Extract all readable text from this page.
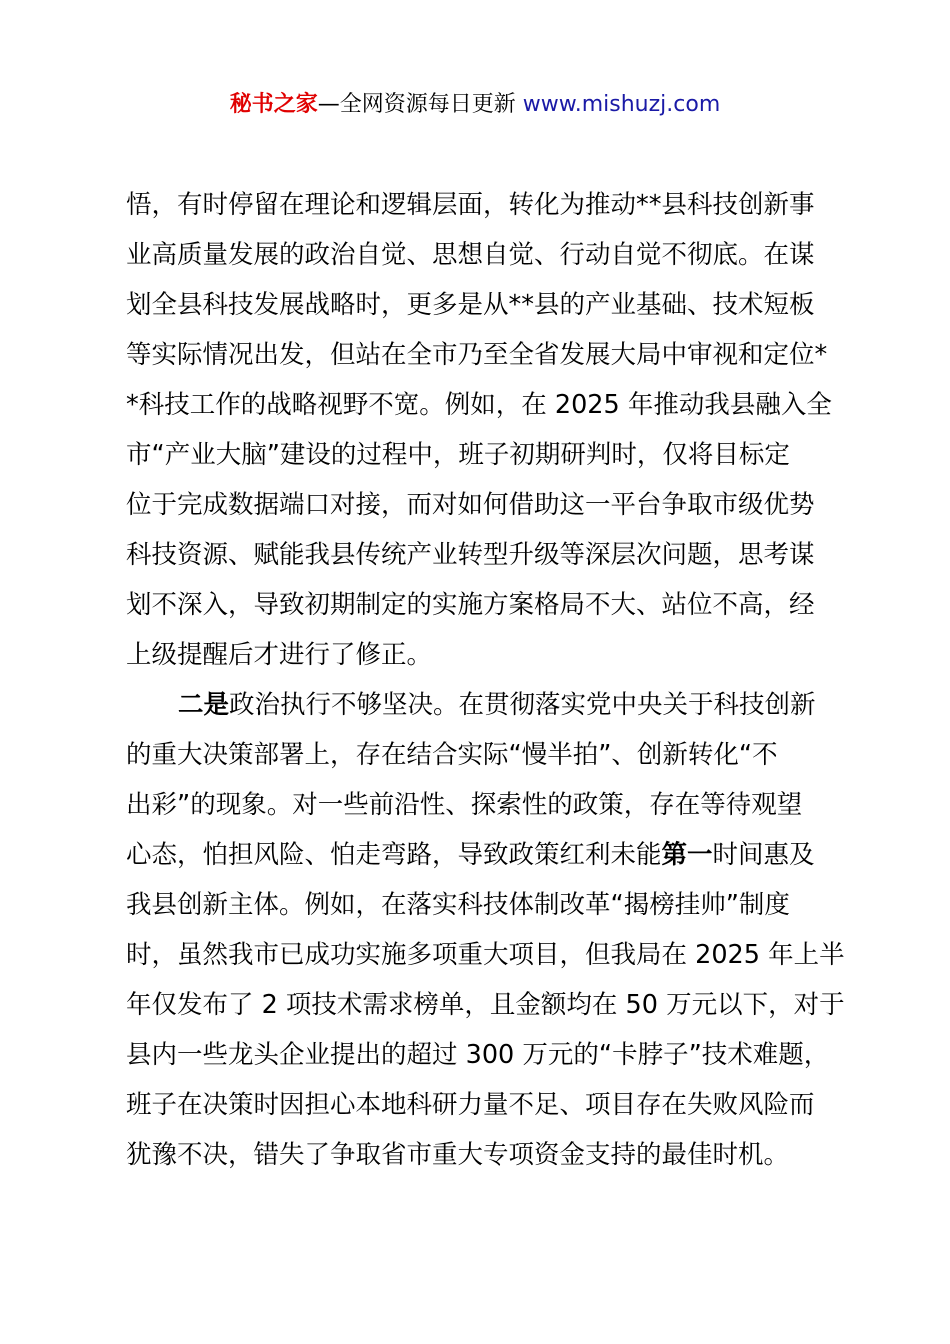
秘书之家—全网资源每日更新 www.mishuzj.com
悟，有时停留在理论和逻辑层面，转化为推动**县科技创新事
业高质量发展的政治自觉、思想自觉、行动自觉不彻底。在谋
划全县科技发展战略时，更多是从**县的产业基础、技术短板
等实际情况出发，但站在全市乃至全省发展大局中审视和定位*
*科技工作的战略视野不宽。例如，在 2025 年推动我县融入全
市“产业大脑”建设的过程中，班子初期研判时，仅将目标定
位于完成数据端口对接，而对如何借助这一平台争取市级优势
科技资源、赋能我县传统产业转型升级等深层次问题，思考谋
划不深入，导致初期制定的实施方案格局不大、站位不高，经
上级提醒后才进行了修正。
二是政治执行不够坚决。在贯彻落实党中央关于科技创新
的重大决策部署上，存在结合实际“慢半拍”、创新转化“不
出彩”的现象。对一些前沿性、探索性的政策，存在等待观望
心态，怕担风险、怕走弯路，导致政策红利未能第一时间惠及
我县创新主体。例如，在落实科技体制改革“揭榜挂帅”制度
时，虽然我市已成功实施多项重大项目，但我局在 2025 年上半
年仅发布了 2 项技术需求榜单，且金额均在 50 万元以下，对于
县内一些龙头企业提出的超过 300 万元的“卡脖子”技术难题，
班子在决策时因担心本地科研力量不足、项目存在失败风险而
犹豫不决，错失了争取省市重大专项资金支持的最佳时机。
